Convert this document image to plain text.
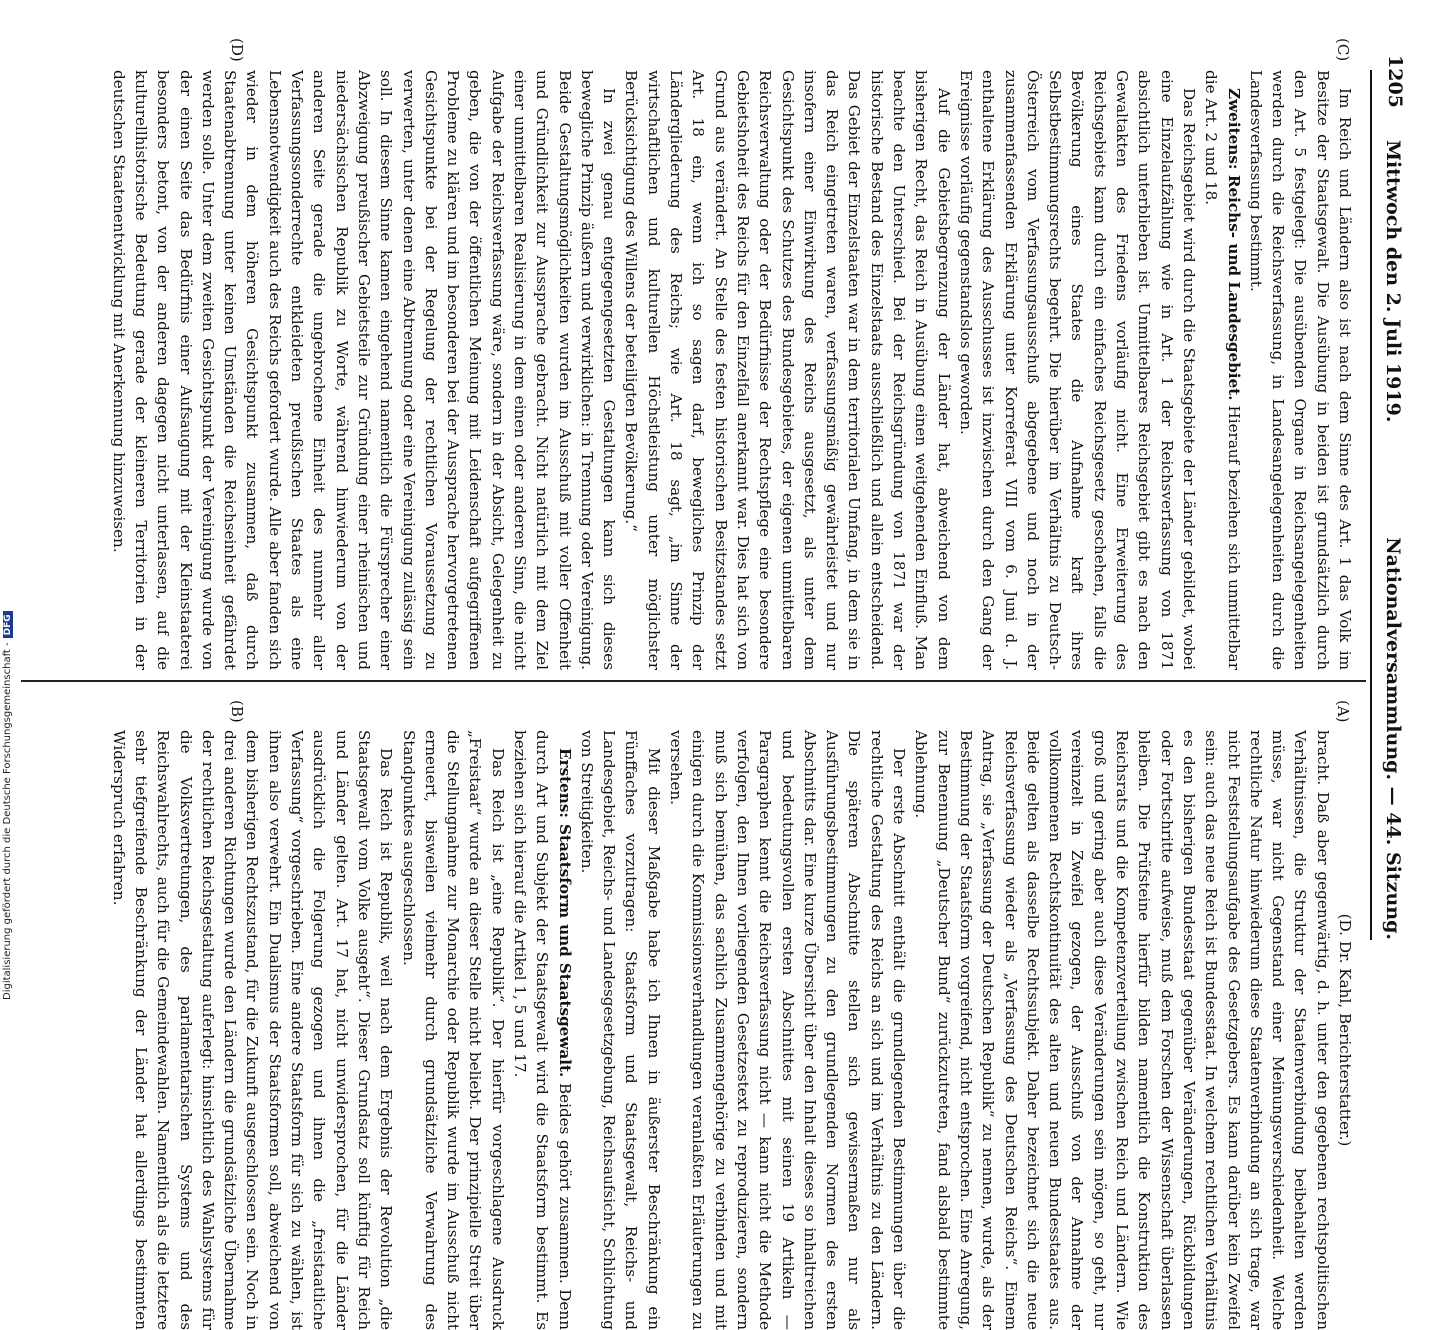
1205
Mittwoch den 2. Juli 1919.
Nationalversammlung. — 44. Sitzung.
(A)
(B)
(C)
(D)

(D. Dr. Kahl, Berichterstatter.)

bracht. Daß aber gegenwärtig, d. h. unter den gegebenen rechtspolitischen Verhältnissen, die Struktur der Staatenverbindung beibehalten werden müsse, war nicht Gegenstand einer Meinungsverschiedenheit. Welche rechtliche Natur hinwiederum diese Staatenverbindung an sich trage, war nicht Feststellungsaufgabe des Gesetzgebers. Es kann darüber kein Zweifel sein: auch das neue Reich ist Bundesstaat. In welchem rechtlichen Verhältnis es den bisherigen Bundesstaat gegenüber Veränderungen, Rückbildungen oder Fortschritte aufweise, muß dem Forschen der Wissenschaft überlassen bleiben. Die Prüfsteine hierfür bilden namentlich die Konstruktion des Reichsrats und die Kompetenzverteilung zwischen Reich und Ländern. Wie groß und gering aber auch diese Veränderungen sein mögen, so geht, nur vereinzelt in Zweifel gezogen, der Ausschuß von der Annahme der vollkommenen Rechtskontinuität des alten und neuen Bundesstaates aus. Beide gelten als dasselbe Rechtssubjekt. Daher bezeichnet sich die neue Reichsverfassung wieder als „Verfassung des Deutschen Reichs“. Einem Antrag, sie „Verfassung der Deutschen Republik“ zu nennen, wurde, als der Bestimmung der Staatsform vorgreifend, nicht entsprochen. Eine Anregung, zur Benennung „Deutscher Bund“ zurückzutreten, fand alsbald bestimmte Ablehnung.

Der erste Abschnitt enthält die grundlegenden Bestimmungen über die rechtliche Gestaltung des Reichs an sich und im Verhältnis zu den Ländern. Die späteren Abschnitte stellen sich gewissermaßen nur als Ausführungsbestimmungen zu den grundlegenden Normen des ersten Abschnitts dar. Eine kurze Übersicht über den Inhalt dieses so inhaltreichen und bedeutungsvollen ersten Abschnittes mit seinen 19 Artikeln — Paragraphen kennt die Reichsverfassung nicht — kann nicht die Methode verfolgen, den Ihnen vorliegenden Gesetzestext zu reproduzieren, sondern muß sich bemühen, das sachlich Zusammengehörige zu verbinden und mit einigen durch die Kommissionsverhandlungen veranlaßten Erläuterungen zu versehen.

Mit dieser Maßgabe habe ich Ihnen in äußerster Beschränkung ein Fünffaches vorzutragen: Staatsform und Staatsgewalt, Reichs- und Landesgebiet, Reichs- und Landesgesetzgebung, Reichsaufsicht, Schlichtung von Streitigkeiten.

Erstens: Staatsform und Staatsgewalt. Beides gehört zusammen. Denn durch Art und Subjekt der Staatsgewalt wird die Staatsform bestimmt. Es beziehen sich hierauf die Artikel 1, 5 und 17.

Das Reich ist „eine Republik“. Der hierfür vorgeschlagene Ausdruck „Freistaat“ wurde an dieser Stelle nicht beliebt. Der prinzipielle Streit über die Stellungnahme zur Monarchie oder Republik wurde im Ausschuß nicht erneuert, bisweilen vielmehr durch grundsätzliche Verwahrung des Standpunktes ausgeschlossen.

Das Reich ist Republik, weil nach dem Ergebnis der Revolution „die Staatsgewalt vom Volke ausgeht“. Dieser Grundsatz soll künftig für Reich und Länder gelten. Art. 17 hat, nicht unwidersprochen, für die Länder ausdrücklich die Folgerung gezogen und ihnen die „freistaatliche Verfassung“ vorgeschrieben. Eine andere Staatsform für sich zu wählen, ist ihnen also verwehrt. Ein Dualismus der Staatsformen soll, abweichend von dem bisherigen Rechtszustand, für die Zukunft ausgeschlossen sein. Noch in drei anderen Richtungen wurde den Ländern die grundsätzliche Übernahme der rechtlichen Reichsgestaltung auferlegt: hinsichtlich des Wahlsystems für die Volksvertretungen, des parlamentarischen Systems und des Reichswahlrechts, auch für die Gemeindewahlen. Namentlich als die letztere sehr tiefgreifende Beschränkung der Länder hat allerdings bestimmten Widerspruch erfahren.

Im Reich und Ländern also ist nach dem Sinne des Art. 1 das Volk im Besitze der Staatsgewalt. Die Ausübung in beiden ist grundsätzlich durch den Art. 5 festgelegt: Die ausübenden Organe in Reichsangelegenheiten werden durch die Reichsverfassung, in Landesangelegenheiten durch die Landesverfassung bestimmt.

Zweitens: Reichs- und Landesgebiet. Hierauf beziehen sich unmittelbar die Art. 2 und 18.

Das Reichsgebiet wird durch die Staatsgebiete der Länder gebildet, wobei eine Einzelaufzählung wie in Art. 1 der Reichsverfassung von 1871 absichtlich unterblieben ist. Unmittelbares Reichsgebiet gibt es nach den Gewaltakten des Friedens vorläufig nicht. Eine Erweiterung des Reichsgebiets kann durch ein einfaches Reichsgesetz geschehen, falls die Bevölkerung eines Staates die Aufnahme kraft ihres Selbstbestimmungsrechts begehrt. Die hierüber im Verhältnis zu Deutsch-Österreich vom Verfassungsausschuß abgegebene und noch in der zusammenfassenden Erklärung unter Korreferat VIII vom 6. Juni d. J. enthaltene Erklärung des Ausschusses ist inzwischen durch den Gang der Ereignisse vorläufig gegenstandslos geworden.

Auf die Gebietsbegrenzung der Länder hat, abweichend von dem bisherigen Recht, das Reich in Ausübung einen weitgehenden Einfluß. Man beachte den Unterschied. Bei der Reichsgründung von 1871 war der historische Bestand des Einzelstaats ausschließlich und allein entscheidend. Das Gebiet der Einzelstaaten war in dem territorialen Umfang, in dem sie in das Reich eingetreten waren, verfassungsmäßig gewährleistet und nur insofern einer Einwirkung des Reichs ausgesetzt, als unter dem Gesichtspunkt des Schutzes des Bundesgebietes, der eigenen unmittelbaren Reichsverwaltung oder der Bedürfnisse der Rechtspflege eine besondere Gebietshoheit des Reichs für den Einzelfall anerkannt war. Dies hat sich von Grund aus verändert. An Stelle des festen historischen Besitzstandes setzt Art. 18 ein, wenn ich so sagen darf, bewegliches Prinzip der Ländergliederung des Reichs; wie Art. 18 sagt, „im Sinne der wirtschaftlichen und kulturellen Höchstleistung unter möglichster Berücksichtigung des Willens der beteiligten Bevölkerung.“

In zwei genau entgegengesetzten Gestaltungen kann sich dieses bewegliche Prinzip äußern und verwirklichen: in Trennung oder Vereinigung. Beide Gestaltungsmöglichkeiten wurden im Ausschuß mit voller Offenheit und Gründlichkeit zur Aussprache gebracht. Nicht natürlich mit dem Ziel einer unmittelbaren Realisierung in dem einen oder anderen Sinn, die nicht Aufgabe der Reichsverfassung wäre, sondern in der Absicht, Gelegenheit zu geben, die von der öffentlichen Meinung mit Leidenschaft aufgegriffenen Probleme zu klären und im besonderen bei der Aussprache hervorgetretenen Gesichtspunkte bei der Regelung der rechtlichen Voraussetzung zu verwerten, unter denen eine Abtrennung oder eine Vereinigung zulässig sein soll. In diesem Sinne kamen eingehend namentlich die Fürsprecher einer Abzweigung preußischer Gebietsteile zur Gründung einer rheinischen und niedersächsischen Republik zu Worte, während hinwiederum von der anderen Seite gerade die ungebrochene Einheit des nunmehr aller Verfassungssonderrechte entkleideten preußischen Staates als eine Lebensnotwendigkeit auch des Reichs gefordert wurde. Alle aber fanden sich wieder in dem höheren Gesichtspunkt zusammen, daß durch Staatenabtrennung unter keinen Umständen die Reichseinheit gefährdet werden solle. Unter dem zweiten Gesichtspunkt der Vereinigung wurde von der einen Seite das Bedürfnis einer Aufsaugung mit der Kleinstaaterei besonders betont, von der anderen dagegen nicht unterlassen, auf die kulturellhistorische Bedeutung gerade der kleineren Territorien in der deutschen Staatenentwicklung mit Anerkennung hinzuweisen.

Digitalisierung gefördert durch die Deutsche Forschungsgemeinschaft -DFG
